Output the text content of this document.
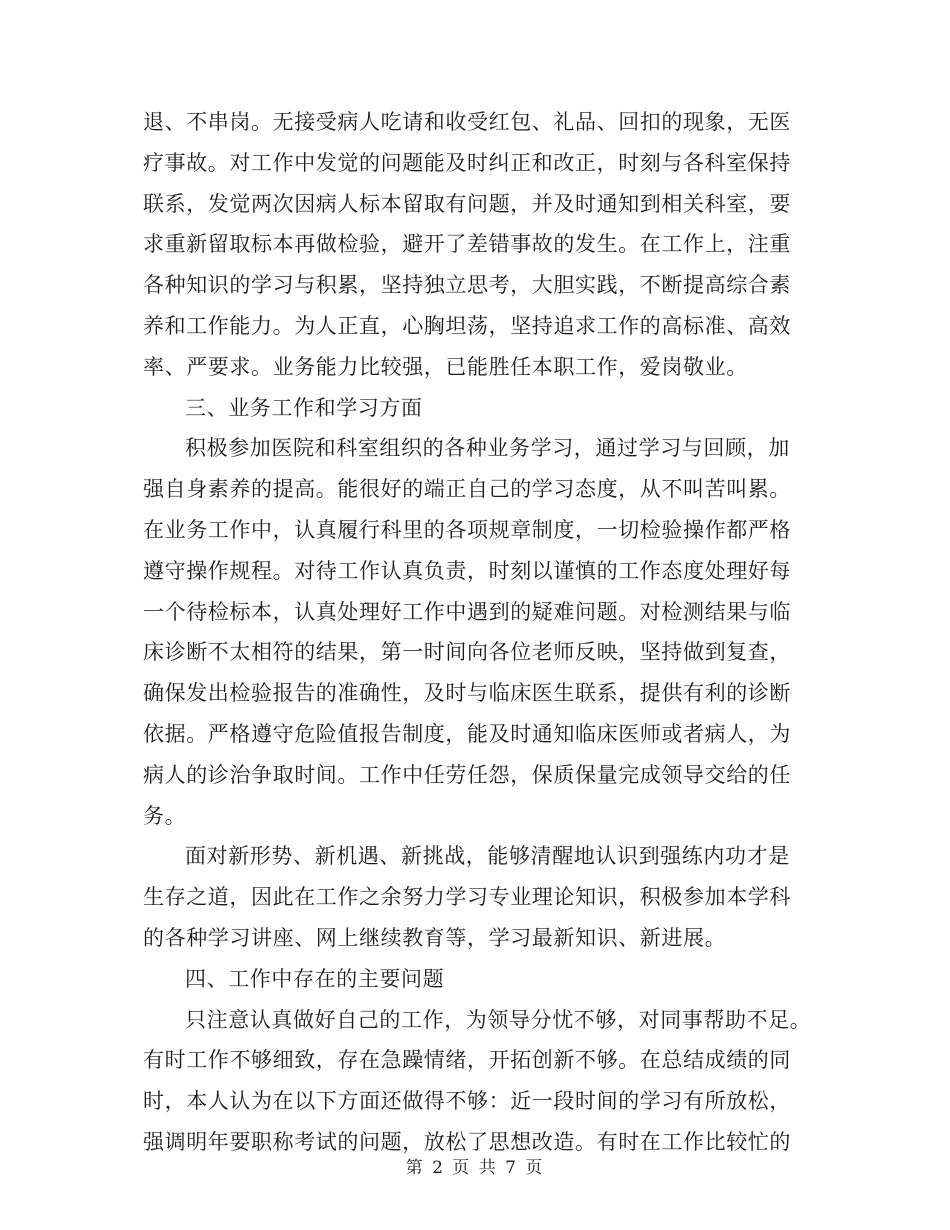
退、不串岗。无接受病人吃请和收受红包、礼品、回扣的现象，无医
疗事故。对工作中发觉的问题能及时纠正和改正，时刻与各科室保持
联系，发觉两次因病人标本留取有问题，并及时通知到相关科室，要
求重新留取标本再做检验，避开了差错事故的发生。在工作上，注重
各种知识的学习与积累，坚持独立思考，大胆实践，不断提高综合素
养和工作能力。为人正直，心胸坦荡，坚持追求工作的高标准、高效
率、严要求。业务能力比较强，已能胜任本职工作，爱岗敬业。
三、业务工作和学习方面
积极参加医院和科室组织的各种业务学习，通过学习与回顾，加
强自身素养的提高。能很好的端正自己的学习态度，从不叫苦叫累。
在业务工作中，认真履行科里的各项规章制度，一切检验操作都严格
遵守操作规程。对待工作认真负责，时刻以谨慎的工作态度处理好每
一个待检标本，认真处理好工作中遇到的疑难问题。对检测结果与临
床诊断不太相符的结果，第一时间向各位老师反映，坚持做到复查，
确保发出检验报告的准确性，及时与临床医生联系，提供有利的诊断
依据。严格遵守危险值报告制度，能及时通知临床医师或者病人，为
病人的诊治争取时间。工作中任劳任怨，保质保量完成领导交给的任
务。
面对新形势、新机遇、新挑战，能够清醒地认识到强练内功才是
生存之道，因此在工作之余努力学习专业理论知识，积极参加本学科
的各种学习讲座、网上继续教育等，学习最新知识、新进展。
四、工作中存在的主要问题
只注意认真做好自己的工作，为领导分忧不够，对同事帮助不足。
有时工作不够细致，存在急躁情绪，开拓创新不够。在总结成绩的同
时，本人认为在以下方面还做得不够：近一段时间的学习有所放松，
强调明年要职称考试的问题，放松了思想改造。有时在工作比较忙的
第 2 页 共 7 页
